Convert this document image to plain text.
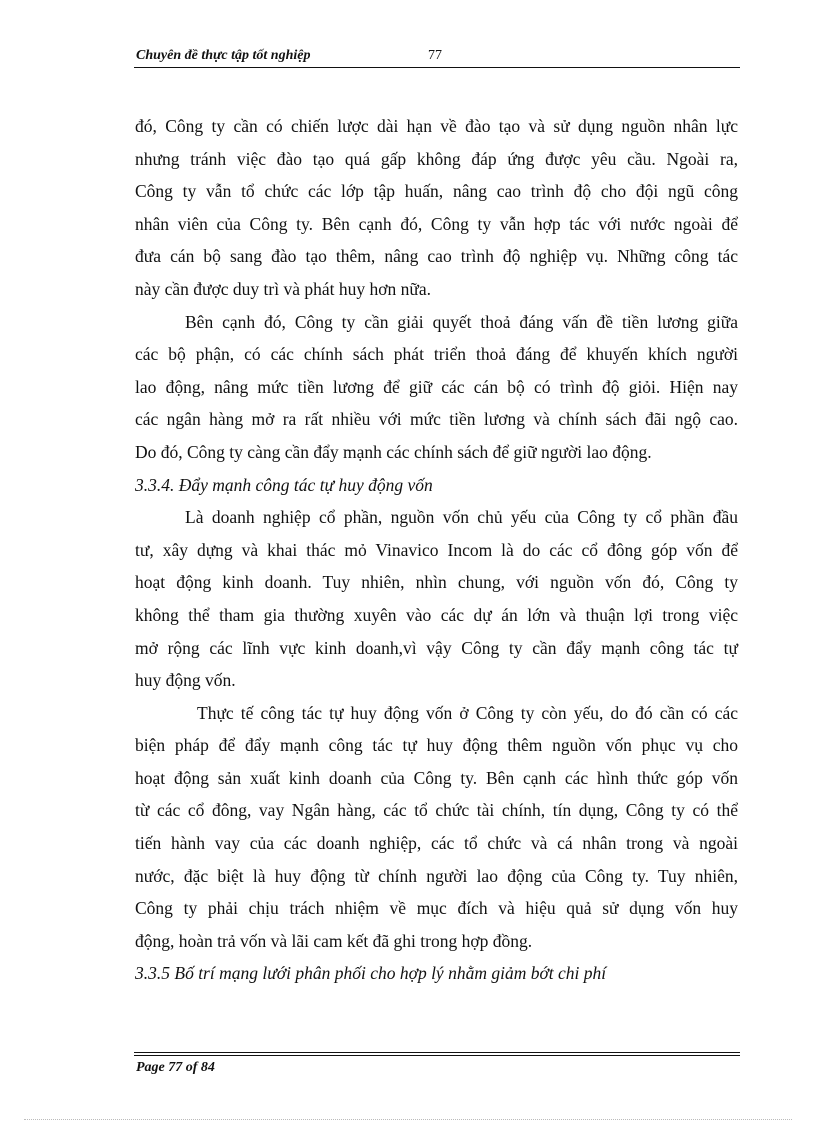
Chuyên đề thực tập tốt nghiệp	77
đó, Công ty cần có chiến lược dài hạn về đào tạo và sử dụng nguồn nhân lực
nhưng tránh việc đào tạo quá gấp không đáp ứng được yêu cầu. Ngoài ra,
Công ty vẫn tổ chức các lớp tập huấn, nâng cao trình độ cho đội ngũ công
nhân viên của Công ty. Bên cạnh đó, Công ty vẫn hợp tác với nước ngoài để
đưa cán bộ sang đào tạo thêm, nâng cao trình độ nghiệp vụ. Những công tác
này cần được duy trì và phát huy hơn nữa.
Bên cạnh đó, Công ty cần giải quyết thoả đáng vấn đề tiền lương giữa
các bộ phận, có các chính sách phát triển thoả đáng để khuyến khích người
lao động, nâng mức tiền lương để giữ các cán bộ có trình độ giỏi. Hiện nay
các ngân hàng mở ra rất nhiều với mức tiền lương và chính sách đãi ngộ cao.
Do đó, Công ty càng cần đẩy mạnh các chính sách để giữ người lao động.
3.3.4. Đẩy mạnh công tác tự huy động vốn
Là doanh nghiệp cổ phần, nguồn vốn chủ yếu của Công ty cổ phần đầu
tư, xây dựng và khai thác mỏ Vinavico Incom là do các cổ đông góp vốn để
hoạt động kinh doanh. Tuy nhiên, nhìn chung, với nguồn vốn đó, Công ty
không thể tham gia thường xuyên vào các dự án lớn và thuận lợi trong việc
mở rộng các lĩnh vực kinh doanh,vì vậy Công ty cần đẩy mạnh công tác tự
huy động vốn.
Thực tế công tác tự huy động vốn ở Công ty còn yếu, do đó cần có các
biện pháp để đẩy mạnh công tác tự huy động thêm nguồn vốn phục vụ cho
hoạt động sản xuất kinh doanh của Công ty. Bên cạnh các hình thức góp vốn
từ các cổ đông, vay Ngân hàng, các tổ chức tài chính, tín dụng, Công ty có thể
tiến hành vay của các doanh nghiệp, các tổ chức và cá nhân trong và ngoài
nước, đặc biệt là huy động từ chính người lao động của Công ty. Tuy nhiên,
Công ty phải chịu trách nhiệm về mục đích và hiệu quả sử dụng vốn huy
động, hoàn trả vốn và lãi cam kết đã ghi trong hợp đồng.
3.3.5 Bố trí mạng lưới phân phối cho hợp lý nhằm giảm bớt chi phí
Page 77 of 84
